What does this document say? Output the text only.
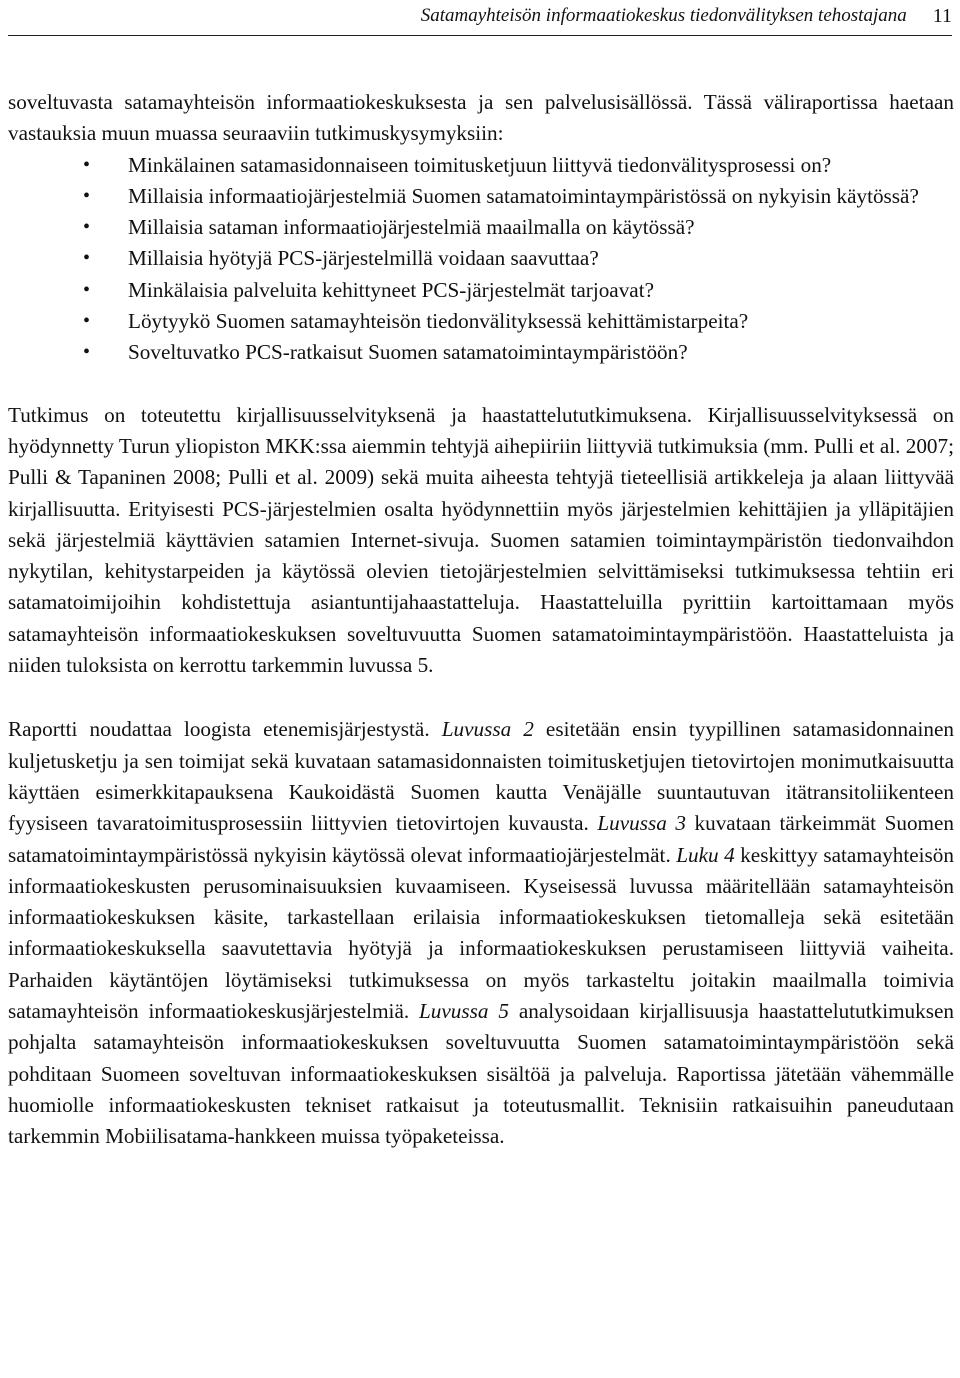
Satamayhteisön informaatiokeskus tiedonvälityksen tehostajana 11

soveltuvasta satamayhteisön informaatiokeskuksesta ja sen palvelusisällössä. Tässä väliraportissa haetaan vastauksia muun muassa seuraaviin tutkimuskysymyksiin:

• Minkälainen satamasidonnaiseen toimitusketjuun liittyvä tiedonvälitysprosessi on?
• Millaisia informaatiojärjestelmiä Suomen satamatoimintaympäristössä on nykyisin käytössä?
• Millaisia sataman informaatiojärjestelmiä maailmalla on käytössä?
• Millaisia hyötyjä PCS-järjestelmillä voidaan saavuttaa?
• Minkälaisia palveluita kehittyneet PCS-järjestelmät tarjoavat?
• Löytyykö Suomen satamayhteisön tiedonvälityksessä kehittämistarpeita?
• Soveltuvatko PCS-ratkaisut Suomen satamatoimintaympäristöön?

Tutkimus on toteutettu kirjallisuusselvityksenä ja haastattelututkimuksena. Kirjallisuusselvityksessä on hyödynnetty Turun yliopiston MKK:ssa aiemmin tehtyjä aihepiiriin liittyviä tutkimuksia (mm. Pulli et al. 2007; Pulli & Tapaninen 2008; Pulli et al. 2009) sekä muita aiheesta tehtyjä tieteellisiä artikkeleja ja alaan liittyvää kirjallisuutta. Erityisesti PCS-järjestelmien osalta hyödynnettiin myös järjestelmien kehittäjien ja ylläpitäjien sekä järjestelmiä käyttävien satamien Internet-sivuja. Suomen satamien toimintaympäristön tiedonvaihdon nykytilan, kehitystarpeiden ja käytössä olevien tietojärjestelmien selvittämiseksi tutkimuksessa tehtiin eri satamatoimijoihin kohdistettuja asiantuntijahaastatteluja. Haastatteluilla pyrittiin kartoittamaan myös satamayhteisön informaatiokeskuksen soveltuvuutta Suomen satamatoimintaympäristöön. Haastatteluista ja niiden tuloksista on kerrottu tarkemmin luvussa 5.

Raportti noudattaa loogista etenemisjärjestystä. Luvussa 2 esitetään ensin tyypillinen satamasidonnainen kuljetusketju ja sen toimijat sekä kuvataan satamasidonnaisten toimitusketjujen tietovirtojen monimutkaisuutta käyttäen esimerkkitapauksena Kaukoidästä Suomen kautta Venäjälle suuntautuvan itätransitoliikenteen fyysiseen tavaratoimitusprosessiin liittyvien tietovirtojen kuvausta. Luvussa 3 kuvataan tärkeimmät Suomen satamatoimintaympäristössä nykyisin käytössä olevat informaatiojärjestelmät. Luku 4 keskittyy satamayhteisön informaatiokeskusten perusominaisuuksien kuvaamiseen. Kyseisessä luvussa määritellään satamayhteisön informaatiokeskuksen käsite, tarkastellaan erilaisia informaatiokeskuksen tietomalleja sekä esitetään informaatiokeskuksella saavutettavia hyötyjä ja informaatiokeskuksen perustamiseen liittyviä vaiheita. Parhaiden käytäntöjen löytämiseksi tutkimuksessa on myös tarkasteltu joitakin maailmalla toimivia satamayhteisön informaatiokeskusjärjestelmiä. Luvussa 5 analysoidaan kirjallisuusja haastattelututkimuksen pohjalta satamayhteisön informaatiokeskuksen soveltuvuutta Suomen satamatoimintaympäristöön sekä pohditaan Suomeen soveltuvan informaatiokeskuksen sisältöä ja palveluja. Raportissa jätetään vähemmälle huomiolle informaatiokeskusten tekniset ratkaisut ja toteutusmallit. Teknisiin ratkaisuihin paneudutaan tarkemmin Mobiilisatama-hankkeen muissa työpaketeissa.
